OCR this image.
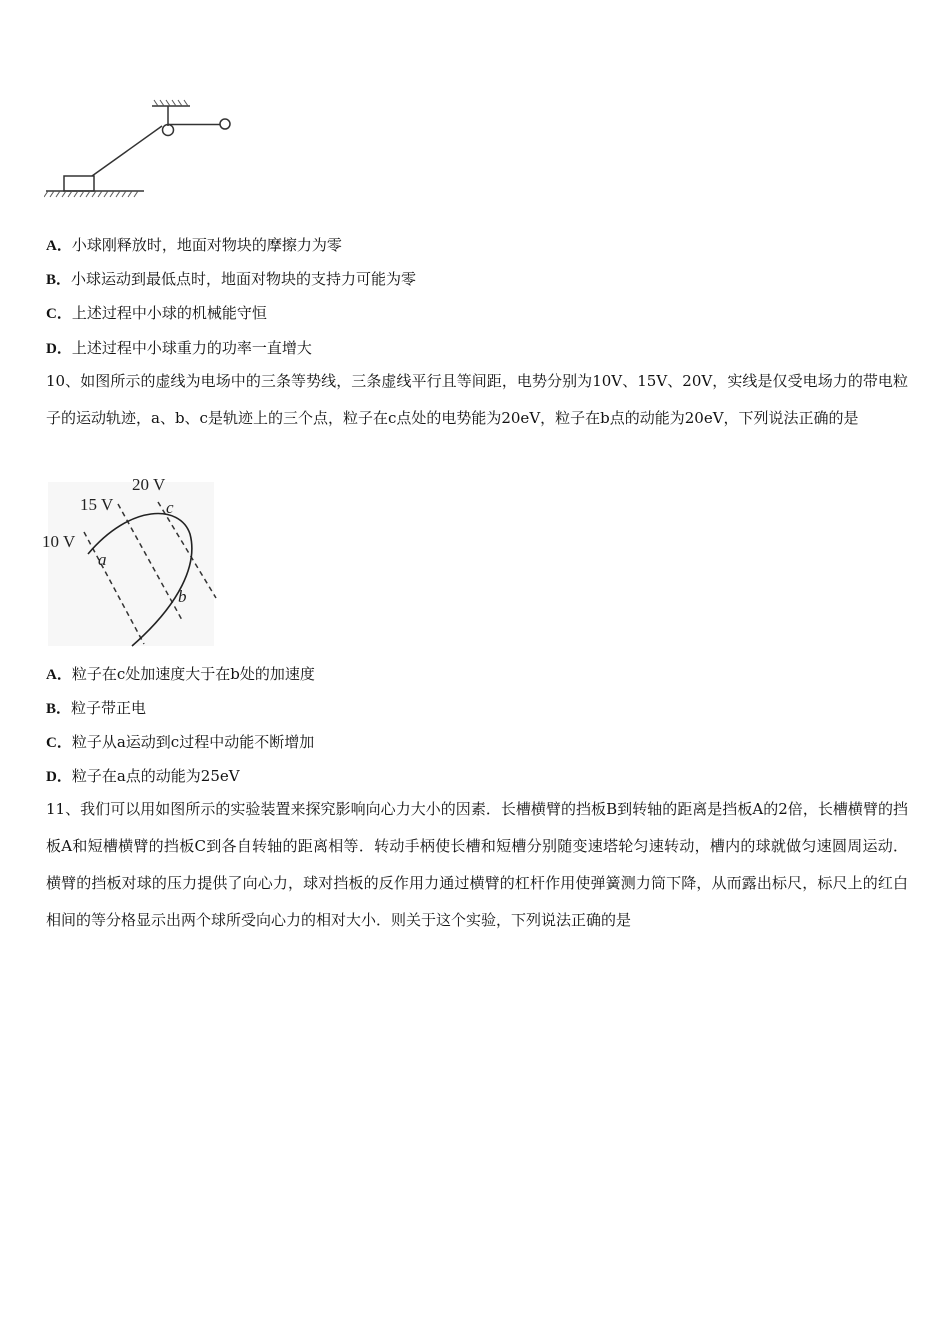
A．小球刚释放时，地面对物块的摩擦力为零
B．小球运动到最低点时，地面对物块的支持力可能为零
C．上述过程中小球的机械能守恒
D．上述过程中小球重力的功率一直增大
10、如图所示的虚线为电场中的三条等势线，三条虚线平行且等间距，电势分别为10V、15V、20V，实线是仅受电场力的带电粒子的运动轨迹，a、b、c是轨迹上的三个点，粒子在c点处的电势能为20eV，粒子在b点的动能为20eV，下列说法正确的是
20 V
15 V
10 V
a
b
c
A．粒子在c处加速度大于在b处的加速度
B．粒子带正电
C．粒子从a运动到c过程中动能不断增加
D．粒子在a点的动能为25eV
11、我们可以用如图所示的实验装置来探究影响向心力大小的因素．长槽横臂的挡板B到转轴的距离是挡板A的2倍，长槽横臂的挡板A和短槽横臂的挡板C到各自转轴的距离相等．转动手柄使长槽和短槽分别随变速塔轮匀速转动，槽内的球就做匀速圆周运动．横臂的挡板对球的压力提供了向心力，球对挡板的反作用力通过横臂的杠杆作用使弹簧测力筒下降，从而露出标尺，标尺上的红白相间的等分格显示出两个球所受向心力的相对大小．则关于这个实验，下列说法正确的是
